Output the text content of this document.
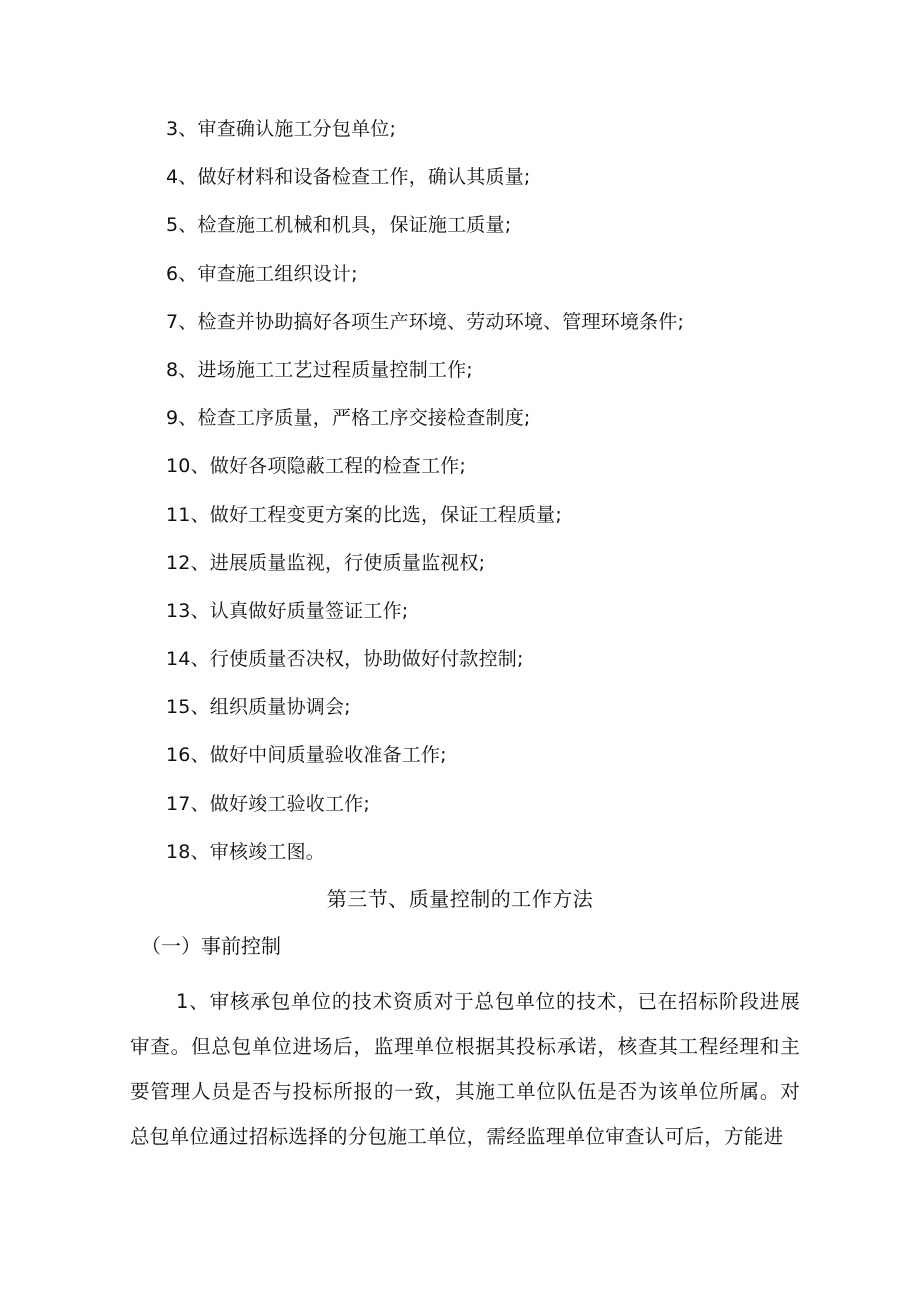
3、审查确认施工分包单位;
4、做好材料和设备检查工作，确认其质量;
5、检查施工机械和机具，保证施工质量;
6、审查施工组织设计;
7、检查并协助搞好各项生产环境、劳动环境、管理环境条件;
8、进场施工工艺过程质量控制工作;
9、检查工序质量，严格工序交接检查制度;
10、做好各项隐蔽工程的检查工作;
11、做好工程变更方案的比选，保证工程质量;
12、进展质量监视，行使质量监视权;
13、认真做好质量签证工作;
14、行使质量否决权，协助做好付款控制;
15、组织质量协调会;
16、做好中间质量验收准备工作;
17、做好竣工验收工作;
18、审核竣工图。
第三节、质量控制的工作方法
（一）事前控制
1、审核承包单位的技术资质对于总包单位的技术，已在招标阶段进展审查。但总包单位进场后，监理单位根据其投标承诺，核查其工程经理和主要管理人员是否与投标所报的一致，其施工单位队伍是否为该单位所属。对总包单位通过招标选择的分包施工单位，需经监理单位审查认可后，方能进
